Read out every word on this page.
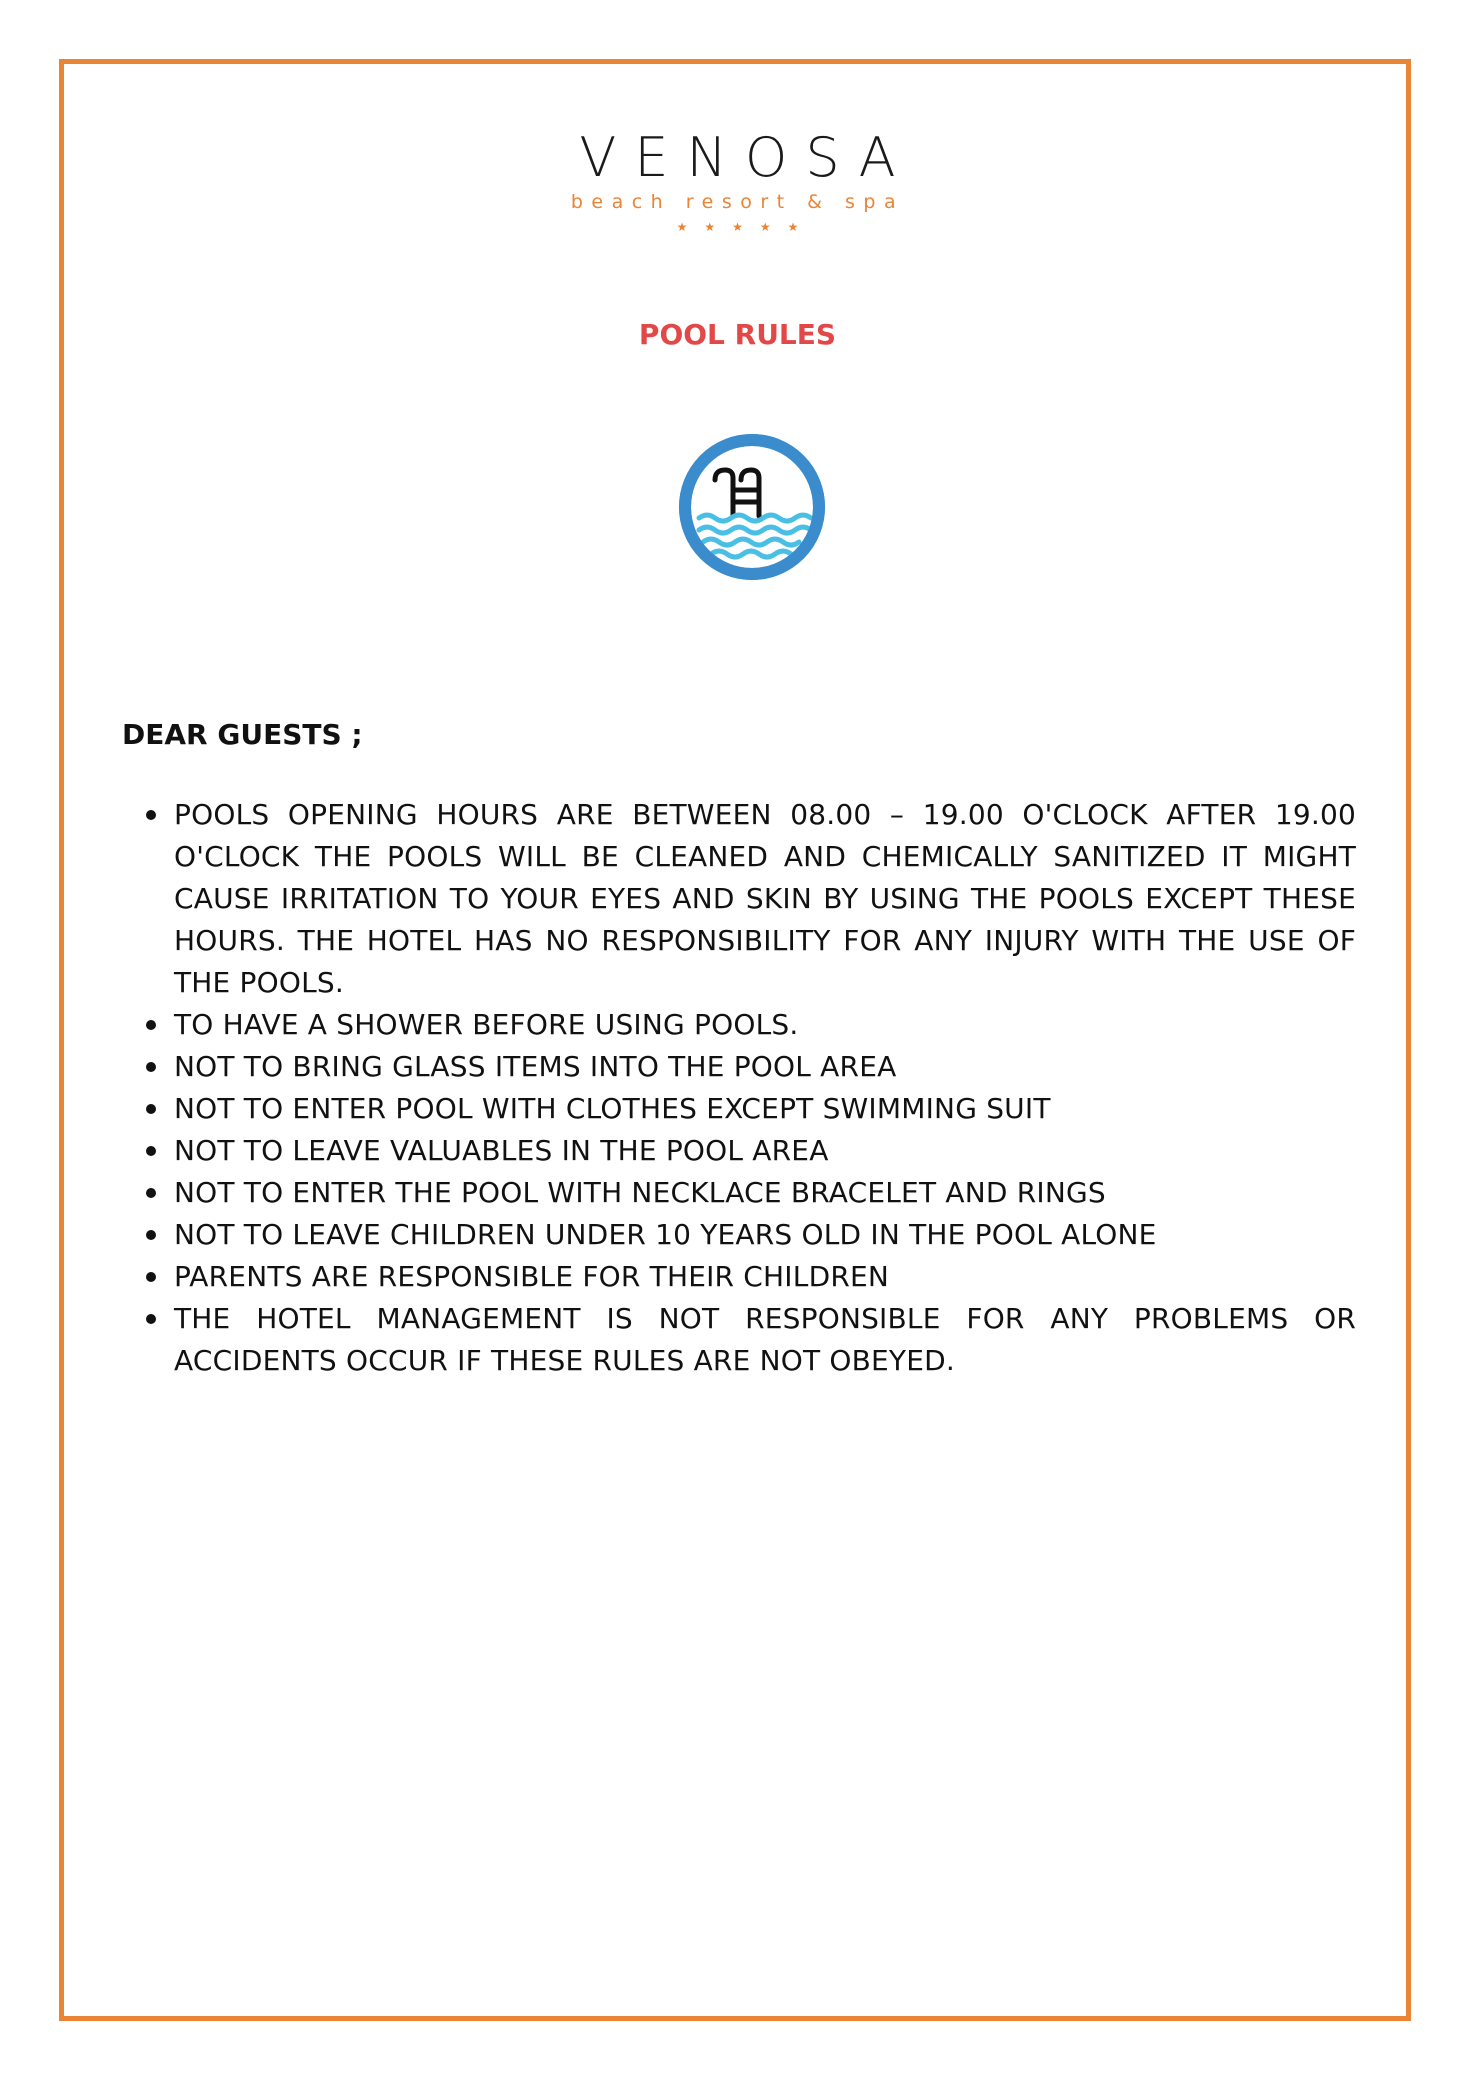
VENOSA
beach resort & spa
★★★★★
POOL RULES
DEAR GUESTS ;
POOLS OPENING HOURS ARE BETWEEN 08.00 – 19.00 O'CLOCK AFTER 19.00 O'CLOCK THE POOLS WILL BE CLEANED AND CHEMICALLY SANITIZED IT MIGHT CAUSE IRRITATION TO YOUR EYES AND SKIN BY USING THE POOLS EXCEPT THESE HOURS. THE HOTEL HAS NO RESPONSIBILITY FOR ANY INJURY WITH THE USE OF THE POOLS.
TO HAVE A SHOWER BEFORE USING POOLS.
NOT TO BRING GLASS ITEMS INTO THE POOL AREA
NOT TO ENTER POOL WITH CLOTHES EXCEPT SWIMMING SUIT
NOT TO LEAVE VALUABLES IN THE POOL AREA
NOT TO ENTER THE POOL WITH NECKLACE BRACELET AND RINGS
NOT TO LEAVE CHILDREN UNDER 10 YEARS OLD IN THE POOL ALONE
PARENTS ARE RESPONSIBLE FOR THEIR CHILDREN
THE HOTEL MANAGEMENT IS NOT RESPONSIBLE FOR ANY PROBLEMS OR ACCIDENTS OCCUR IF THESE RULES ARE NOT OBEYED.
